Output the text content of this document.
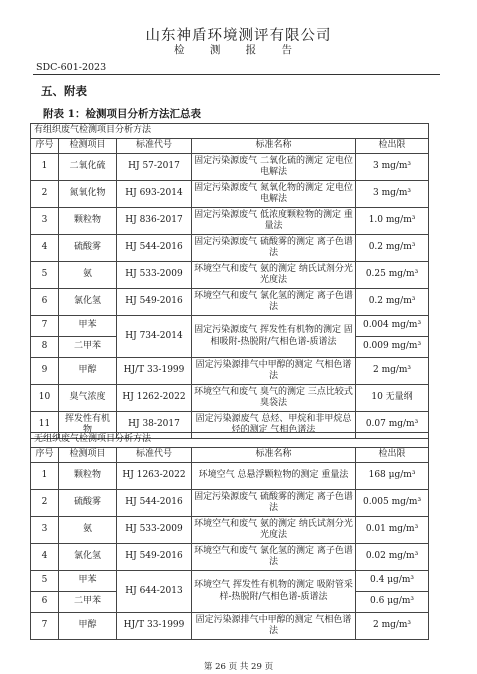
山东神盾环境测评有限公司
检 测 报 告
SDC-601-2023
五、附表
附表 1：检测项目分析方法汇总表
有组织废气检测项目分析方法				
序号	检测项目	标准代号	标准名称	检出限
1	二氧化硫	HJ 57-2017	固定污染源废气 二氧化硫的测定 定电位电解法	3 mg/m³
2	氮氧化物	HJ 693-2014	固定污染源废气 氮氧化物的测定 定电位电解法	3 mg/m³
3	颗粒物	HJ 836-2017	固定污染源废气 低浓度颗粒物的测定 重量法	1.0 mg/m³
4	硫酸雾	HJ 544-2016	固定污染源废气 硫酸雾的测定 离子色谱法	0.2 mg/m³
5	氨	HJ 533-2009	环境空气和废气 氨的测定 纳氏试剂分光光度法	0.25 mg/m³
6	氯化氢	HJ 549-2016	环境空气和废气 氯化氢的测定 离子色谱法	0.2 mg/m³
7	甲苯	HJ 734-2014	固定污染源废气 挥发性有机物的测定 固相吸附-热脱附/气相色谱-质谱法	0.004 mg/m³
8	二甲苯			0.009 mg/m³
9	甲醇	HJ/T 33-1999	固定污染源排气中甲醇的测定 气相色谱法	2 mg/m³
10	臭气浓度	HJ 1262-2022	环境空气和废气 臭气的测定 三点比较式臭袋法	10 无量纲
11	挥发性有机物	HJ 38-2017	固定污染源废气 总烃、甲烷和非甲烷总烃的测定 气相色谱法	0.07 mg/m³
无组织废气检测项目分析方法				
序号	检测项目	标准代号	标准名称	检出限
1	颗粒物	HJ 1263-2022	环境空气 总悬浮颗粒物的测定 重量法	168 μg/m³
2	硫酸雾	HJ 544-2016	固定污染源废气 硫酸雾的测定 离子色谱法	0.005 mg/m³
3	氨	HJ 533-2009	环境空气和废气 氨的测定 纳氏试剂分光光度法	0.01 mg/m³
4	氯化氢	HJ 549-2016	环境空气和废气 氯化氢的测定 离子色谱法	0.02 mg/m³
5	甲苯	HJ 644-2013	环境空气 挥发性有机物的测定 吸附管采样-热脱附/气相色谱-质谱法	0.4 μg/m³
6	二甲苯			0.6 μg/m³
7	甲醇	HJ/T 33-1999	固定污染源排气中甲醇的测定 气相色谱法	2 mg/m³
第 26 页 共 29 页
